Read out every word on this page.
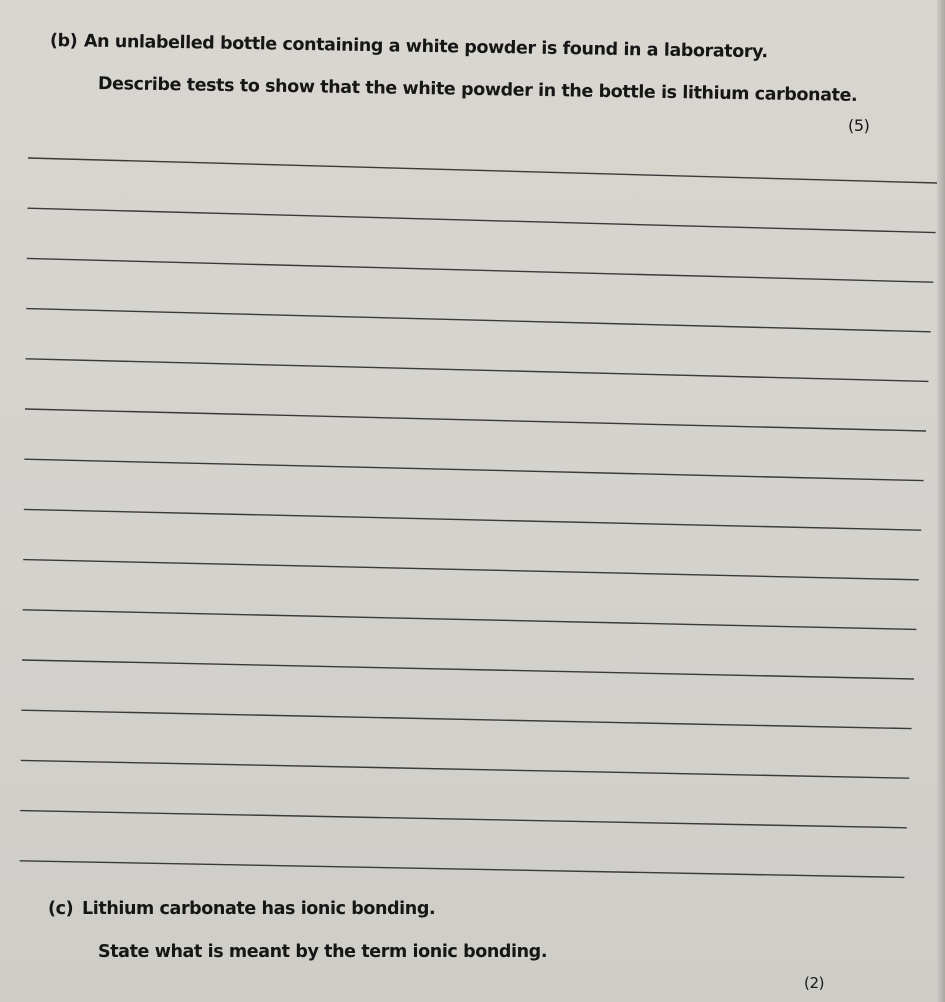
(b) An unlabelled bottle containing a white powder is found in a laboratory.
Describe tests to show that the white powder in the bottle is lithium carbonate.
(5)
(c) Lithium carbonate has ionic bonding.
State what is meant by the term ionic bonding.
(2)
